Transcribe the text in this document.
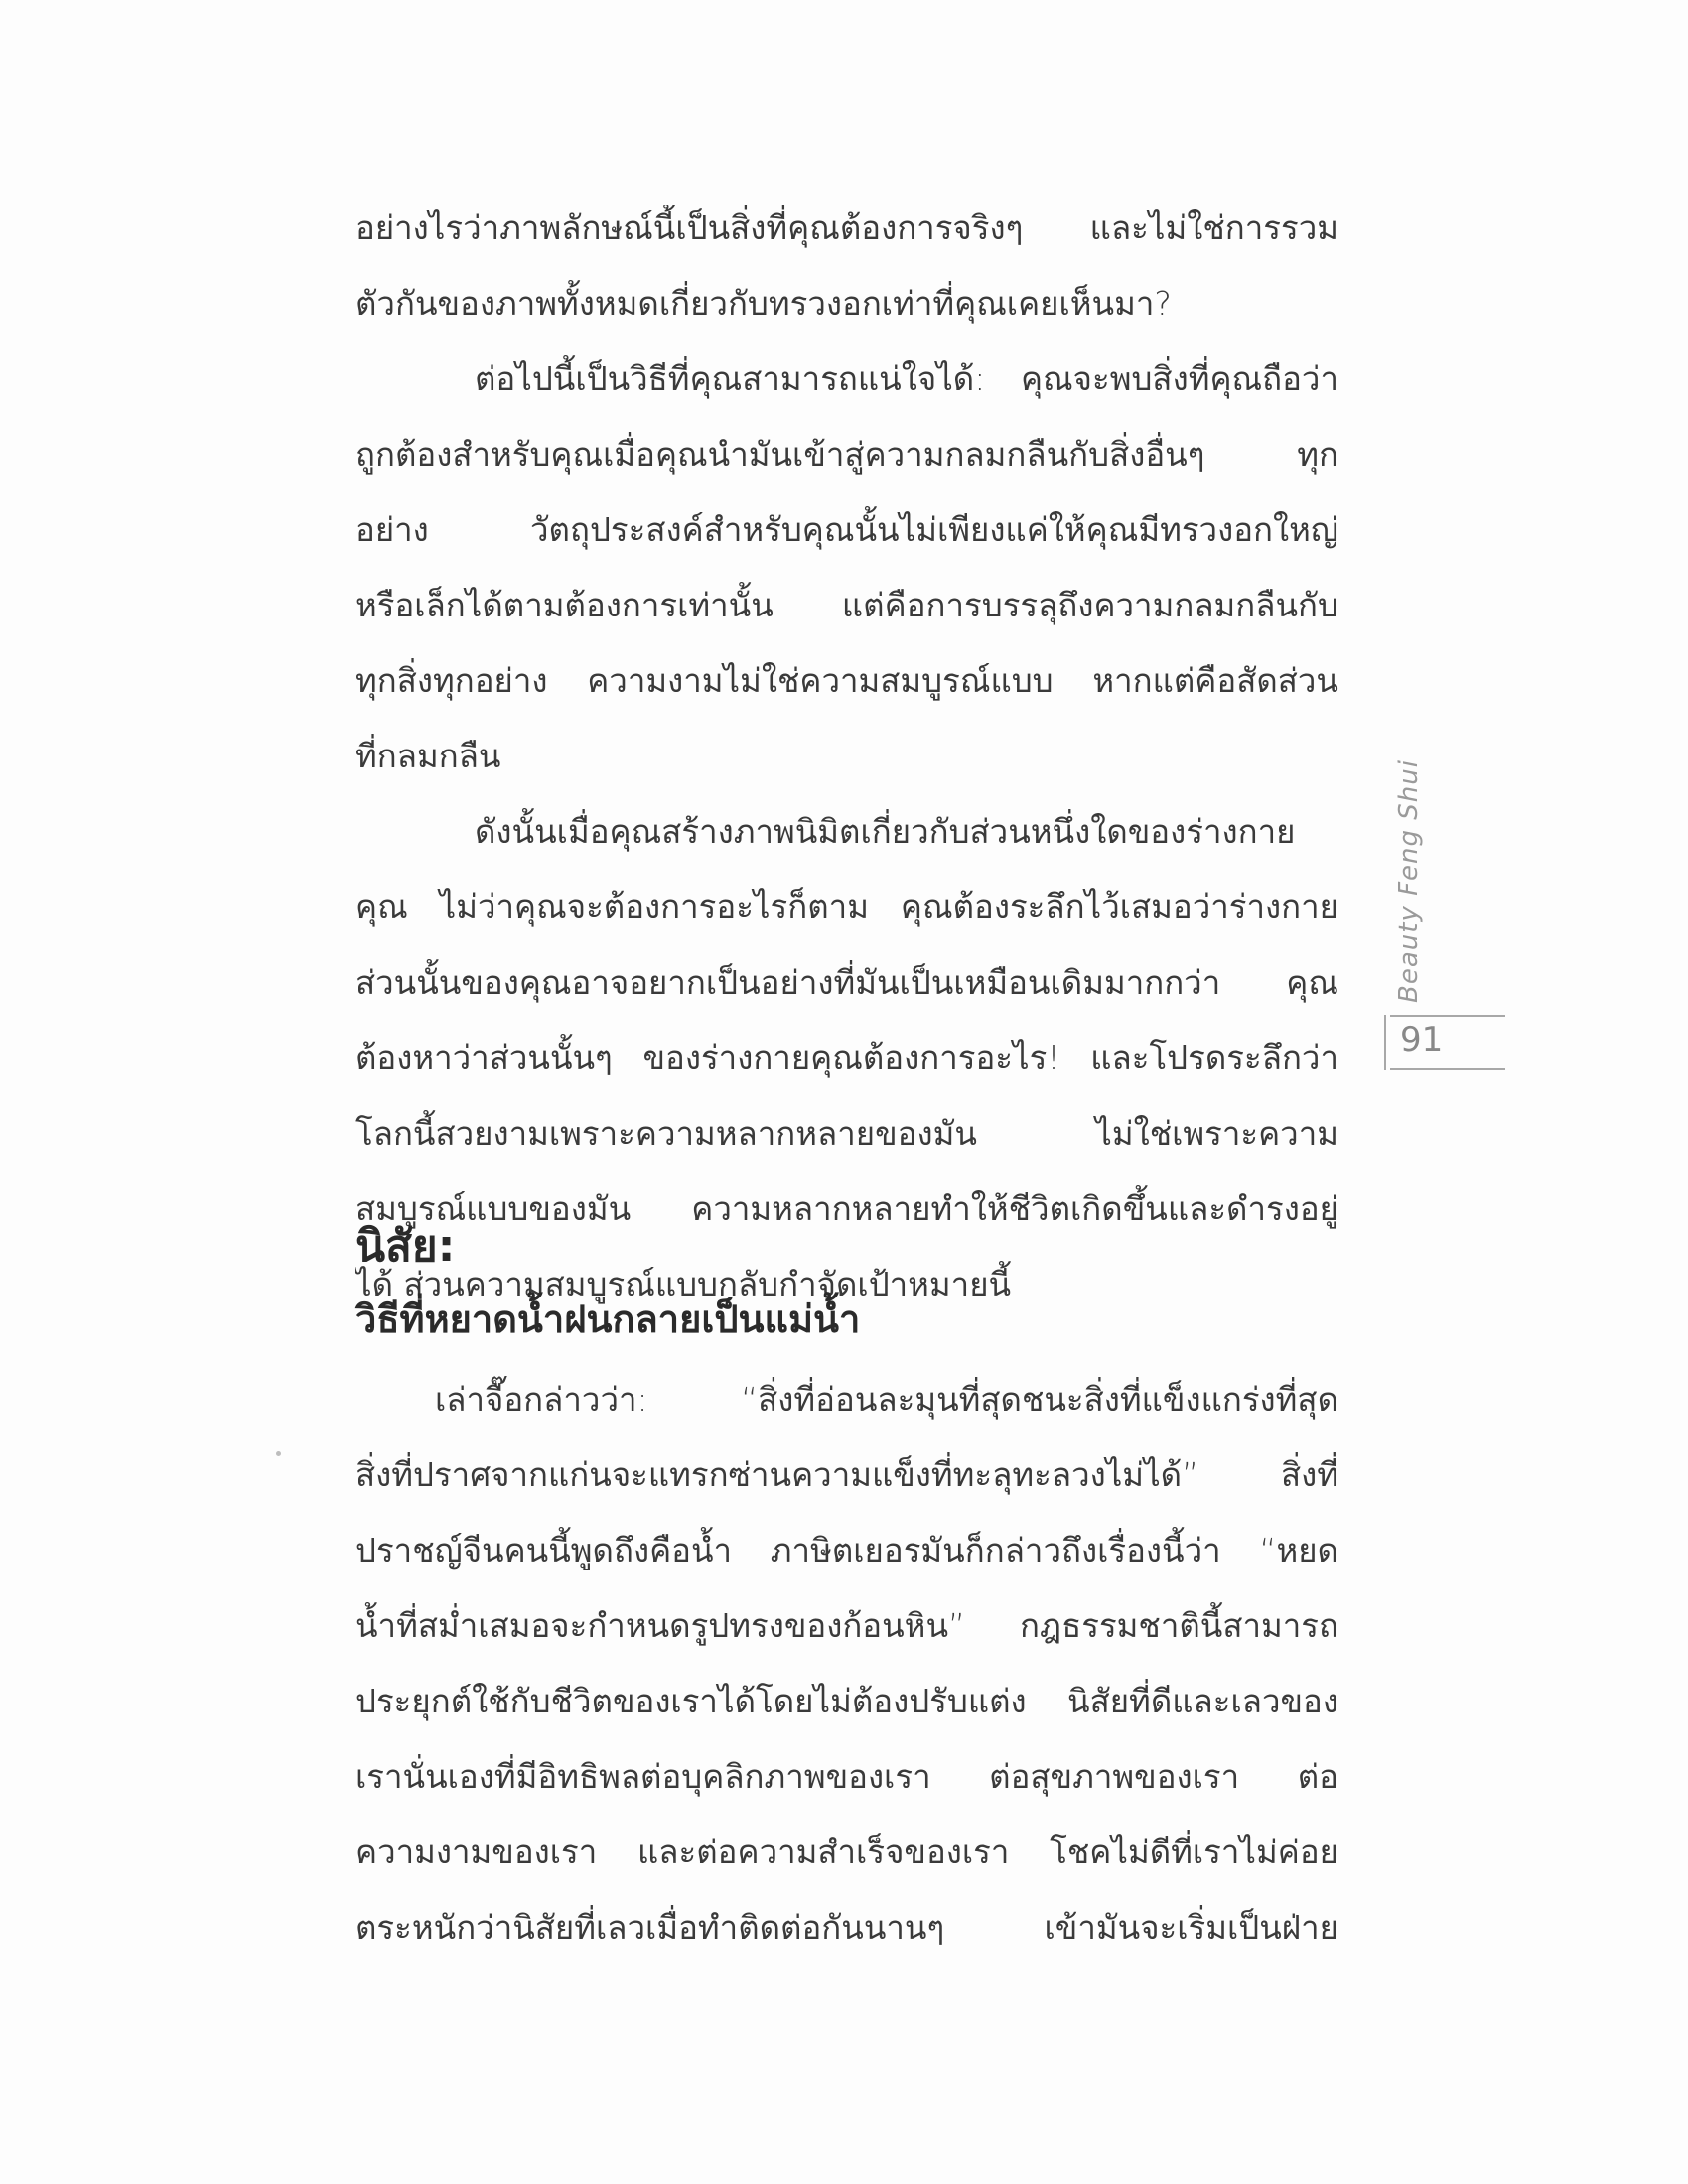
อย่างไรว่าภาพลักษณ์นี้เป็นสิ่งที่คุณต้องการจริงๆ และไม่ใช่การรวม
ตัวกันของภาพทั้งหมดเกี่ยวกับทรวงอกเท่าที่คุณเคยเห็นมา?
ต่อไปนี้เป็นวิธีที่คุณสามารถแน่ใจได้: คุณจะพบสิ่งที่คุณถือว่า
ถูกต้องสำหรับคุณเมื่อคุณนำมันเข้าสู่ความกลมกลืนกับสิ่งอื่นๆ ทุก
อย่าง วัตถุประสงค์สำหรับคุณนั้นไม่เพียงแค่ให้คุณมีทรวงอกใหญ่
หรือเล็กได้ตามต้องการเท่านั้น แต่คือการบรรลุถึงความกลมกลืนกับ
ทุกสิ่งทุกอย่าง ความงามไม่ใช่ความสมบูรณ์แบบ หากแต่คือสัดส่วน
ที่กลมกลืน
ดังนั้นเมื่อคุณสร้างภาพนิมิตเกี่ยวกับส่วนหนึ่งใดของร่างกาย
คุณ ไม่ว่าคุณจะต้องการอะไรก็ตาม คุณต้องระลึกไว้เสมอว่าร่างกาย
ส่วนนั้นของคุณอาจอยากเป็นอย่างที่มันเป็นเหมือนเดิมมากกว่า คุณ
ต้องหาว่าส่วนนั้นๆ ของร่างกายคุณต้องการอะไร! และโปรดระลึกว่า
โลกนี้สวยงามเพราะความหลากหลายของมัน ไม่ใช่เพราะความ
สมบูรณ์แบบของมัน ความหลากหลายทำให้ชีวิตเกิดขึ้นและดำรงอยู่
ได้ ส่วนความสมบูรณ์แบบกลับกำจัดเป้าหมายนี้
นิสัย:
วิธีที่หยาดน้ำฝนกลายเป็นแม่น้ำ
เล่าจื๊อกล่าวว่า: “สิ่งที่อ่อนละมุนที่สุดชนะสิ่งที่แข็งแกร่งที่สุด
สิ่งที่ปราศจากแก่นจะแทรกซ่านความแข็งที่ทะลุทะลวงไม่ได้” สิ่งที่
ปราชญ์จีนคนนี้พูดถึงคือน้ำ ภาษิตเยอรมันก็กล่าวถึงเรื่องนี้ว่า “หยด
น้ำที่สม่ำเสมอจะกำหนดรูปทรงของก้อนหิน” กฎธรรมชาตินี้สามารถ
ประยุกต์ใช้กับชีวิตของเราได้โดยไม่ต้องปรับแต่ง นิสัยที่ดีและเลวของ
เรานั่นเองที่มีอิทธิพลต่อบุคลิกภาพของเรา ต่อสุขภาพของเรา ต่อ
ความงามของเรา และต่อความสำเร็จของเรา โชคไม่ดีที่เราไม่ค่อย
ตระหนักว่านิสัยที่เลวเมื่อทำติดต่อกันนานๆ เข้ามันจะเริ่มเป็นฝ่าย
Beauty Feng Shui
91
